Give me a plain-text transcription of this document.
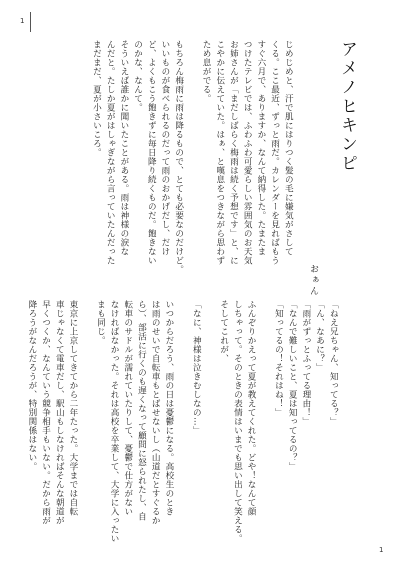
1
アメノヒキンピ
おぁん
じめじめと、汗で肌にはりつく髪の毛に嫌気がさして
くる。ここ最近、ずっと雨だ。カレンダーを見ればもう
すぐ六月で、ありますか、なんて納得した。たまたま
つけたテレビでは、ふわふわ可愛らしい雰囲気のお天気
お姉さんが「まだしばらく梅雨は続く予想です」と、に
こやかに伝えていた。はぁ、と嘆息をつきながら思わず
ため息がでる。
もちろん梅雨に雨は降るもので、とても必要なのだけど。
いいものが食べられるのだって雨のおかげだし、だけ
ど、よくもこう飽きずに毎日降り続くものだ。飽きない
のかな、なんて。
そういえば誰かに聞いたことがある。雨は神様の涙な
んだと。たしか夏がはしゃぎながら言っていたんだった
まだまだ、夏が小さいころ。
「ねえ兄ちゃん、知ってる？」
「ん、なあに？」
「雨がずっとふってる理由！」
「なんで難しいこと、夏は知ってるの？」
「知ってるの！それはね！」
ふんぞりかえって夏が教えてくれた。どや！なんて顔
しちゃって。そのときの表情はいまでも思い出して笑える。
そしてこれが、
「なに、神様は泣きむしなの…」
いつからだろう、雨の日は憂鬱になる。高校生のとき
は雨のせいで自転車もとばせないし（山道だとすぐるか
ら）、部活に行くのも遅くなって顧問に怒られたし、自
転車のサドルが濡れていたりして、憂鬱で仕方がない
なければなかった。それは高校を卒業して、大学に入ったい
まも同じ。
東京に上京してきてから二年たった。大学までは自転
車じゃなくて電車だし、駅山もしなければそんな朝道が
早くつくか、なんていう競争相手もいない。だから雨が
降ろうがなんだろうが、特別関係はない。
1
